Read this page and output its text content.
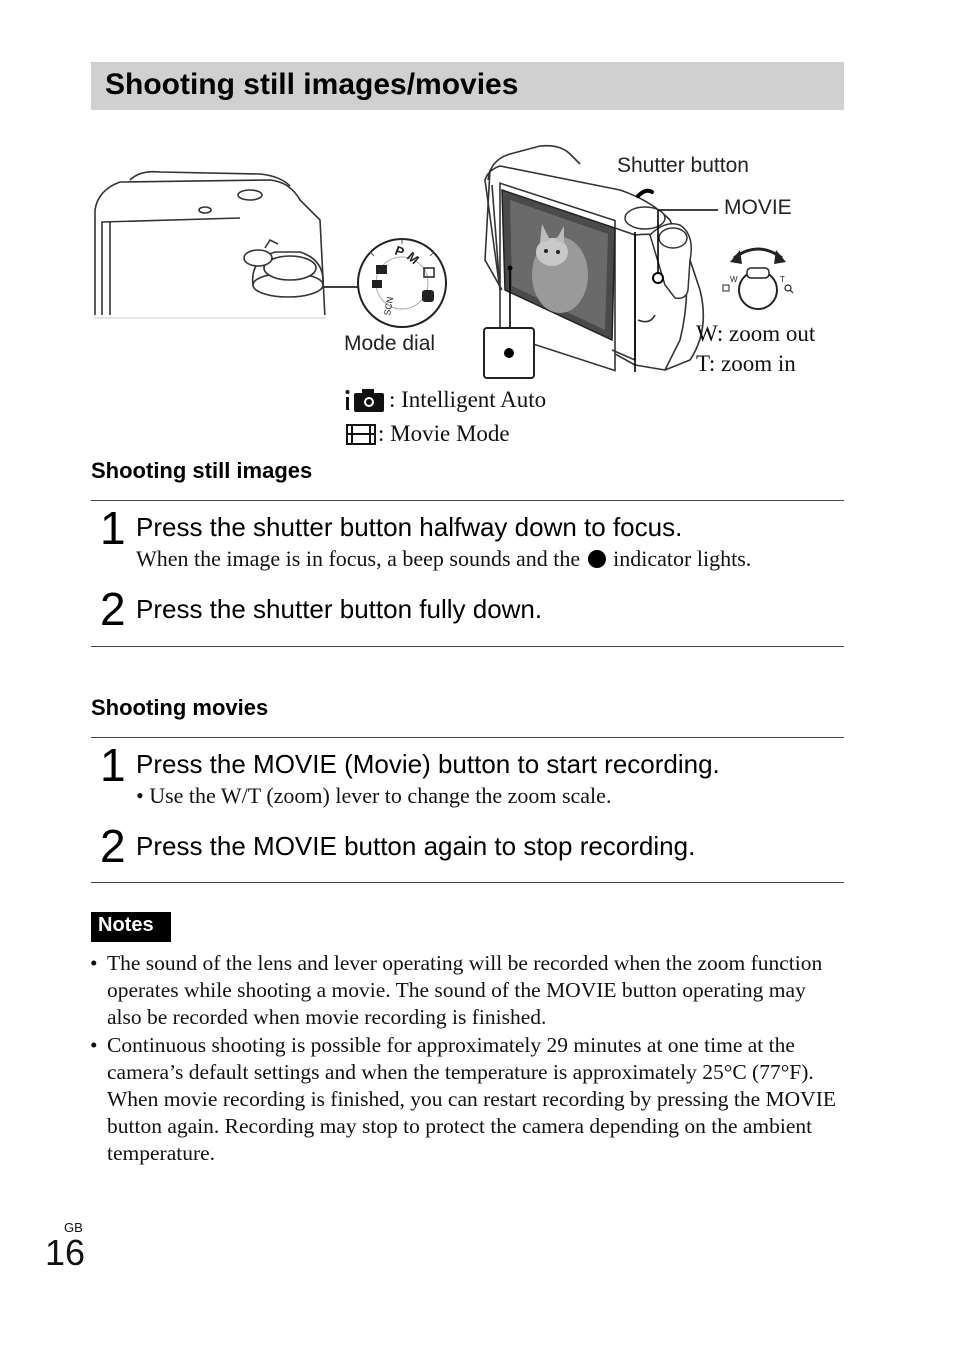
Shooting still images/movies
P
M
SCN
W	T
Shutter button
MOVIE
Mode dial	W: zoom out
T: zoom in
: Intelligent Auto
: Movie Mode
Shooting still images
1 Press the shutter button halfway down to focus.
When the image is in focus, a beep sounds and the indicator lights.
2 Press the shutter button fully down.
Shooting movies
1 Press the MOVIE (Movie) button to start recording.
• Use the W/T (zoom) lever to change the zoom scale.
2 Press the MOVIE button again to stop recording.
Notes
• The sound of the lens and lever operating will be recorded when the zoom function operates while shooting a movie. The sound of the MOVIE button operating may also be recorded when movie recording is finished.
• Continuous shooting is possible for approximately 29 minutes at one time at the camera’s default settings and when the temperature is approximately 25°C (77°F). When movie recording is finished, you can restart recording by pressing the MOVIE button again. Recording may stop to protect the camera depending on the ambient temperature.
GB
16
